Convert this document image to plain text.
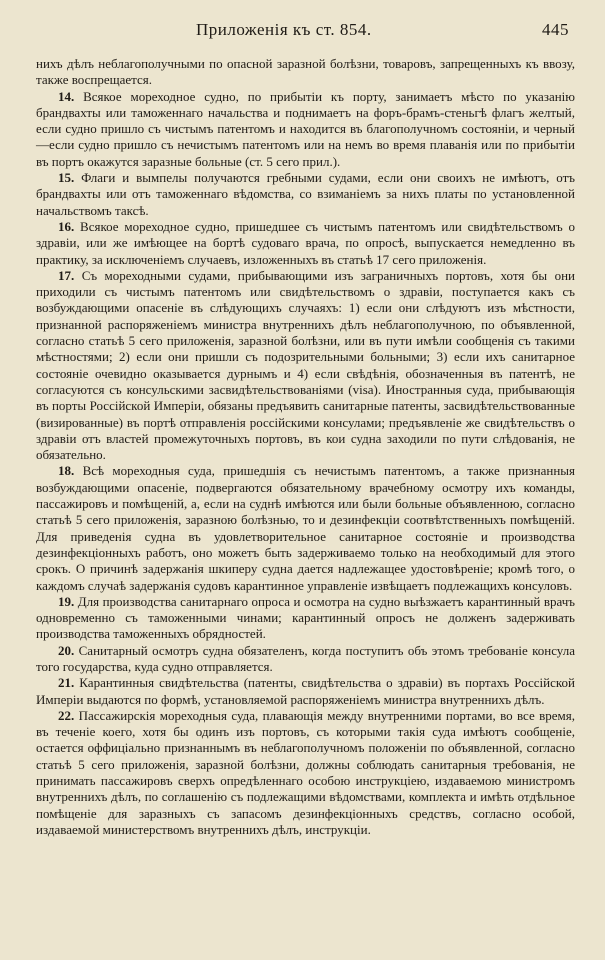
Приложенія къ ст. 854.	445

нихъ дѣлъ неблагополучными по опасной заразной болѣзни, товаровъ, запрещенныхъ къ ввозу, также воспрещается.

14. Всякое мореходное судно, по прибытіи къ порту, занимаетъ мѣсто по указанію брандвахты или таможеннаго начальства и поднимаетъ на форъ-брамъ-стеньгѣ флагъ желтый, если судно пришло съ чистымъ патентомъ и находится въ благополучномъ состояніи, и черный—если судно пришло съ нечистымъ патентомъ или на немъ во время плаванія или по прибытіи въ портъ окажутся заразные больные (ст. 5 сего прил.).

15. Флаги и вымпелы получаются гребными судами, если они своихъ не имѣютъ, отъ брандвахты или отъ таможеннаго вѣдомства, со взиманіемъ за нихъ платы по установленной начальствомъ таксѣ.

16. Всякое мореходное судно, пришедшее съ чистымъ патентомъ или свидѣтельствомъ о здравіи, или же имѣющее на бортѣ судоваго врача, по опросѣ, выпускается немедленно въ практику, за исключеніемъ случаевъ, изложенныхъ въ статьѣ 17 сего приложенія.

17. Съ мореходными судами, прибывающими изъ заграничныхъ портовъ, хотя бы они приходили съ чистымъ патентомъ или свидѣтельствомъ о здравіи, поступается какъ съ возбуждающими опасеніе въ слѣдующихъ случаяхъ: 1) если они слѣдуютъ изъ мѣстности, признанной распоряженіемъ министра внутреннихъ дѣлъ неблагополучною, по объявленной, согласно статьѣ 5 сего приложенія, заразной болѣзни, или въ пути имѣли сообщенія съ такими мѣстностями; 2) если они пришли съ подозрительными больными; 3) если ихъ санитарное состояніе очевидно оказывается дурнымъ и 4) если свѣдѣнія, обозначенныя въ патентѣ, не согласуются съ консульскими засвидѣтельствованіями (visa). Иностранныя суда, прибывающія въ порты Россійской Имперіи, обязаны предъявить санитарные патенты, засвидѣтельствованные (визированные) въ портѣ отправленія россійскими консулами; предъявленіе же свидѣтельствъ о здравіи отъ властей промежуточныхъ портовъ, въ кои судна заходили по пути слѣдованія, не обязательно.

18. Всѣ мореходныя суда, пришедшія съ нечистымъ патентомъ, а также признанныя возбуждающими опасеніе, подвергаются обязательному врачебному осмотру ихъ команды, пассажировъ и помѣщеній, а, если на суднѣ имѣются или были больные объявленною, согласно статьѣ 5 сего приложенія, заразною болѣзнью, то и дезинфекціи соотвѣтственныхъ помѣщеній. Для приведенія судна въ удовлетворительное санитарное состояніе и производства дезинфекціонныхъ работъ, оно можетъ быть задерживаемо только на необходимый для этого срокъ. О причинѣ задержанія шкиперу судна дается надлежащее удостовѣреніе; кромѣ того, о каждомъ случаѣ задержанія судовъ карантинное управленіе извѣщаетъ подлежащихъ консуловъ.

19. Для производства санитарнаго опроса и осмотра на судно выѣзжаетъ карантинный врачъ одновременно съ таможенными чинами; карантинный опросъ не долженъ задерживать производства таможенныхъ обрядностей.

20. Санитарный осмотръ судна обязателенъ, когда поступитъ объ этомъ требованіе консула того государства, куда судно отправляется.

21. Карантинныя свидѣтельства (патенты, свидѣтельства о здравіи) въ портахъ Россійской Имперіи выдаются по формѣ, установляемой распоряженіемъ министра внутреннихъ дѣлъ.

22. Пассажирскія мореходныя суда, плавающія между внутренними портами, во все время, въ теченіе коего, хотя бы одинъ изъ портовъ, съ которыми такія суда имѣютъ сообщеніе, остается оффиціально признаннымъ въ неблагополучномъ положеніи по объявленной, согласно статьѣ 5 сего приложенія, заразной болѣзни, должны соблюдать санитарныя требованія, не принимать пассажировъ сверхъ опредѣленнаго особою инструкціею, издаваемою министромъ внутреннихъ дѣлъ, по соглашенію съ подлежащими вѣдомствами, комплекта и имѣть отдѣльное помѣщеніе для заразныхъ съ запасомъ дезинфекціонныхъ средствъ, согласно особой, издаваемой министерствомъ внутреннихъ дѣлъ, инструкціи.
